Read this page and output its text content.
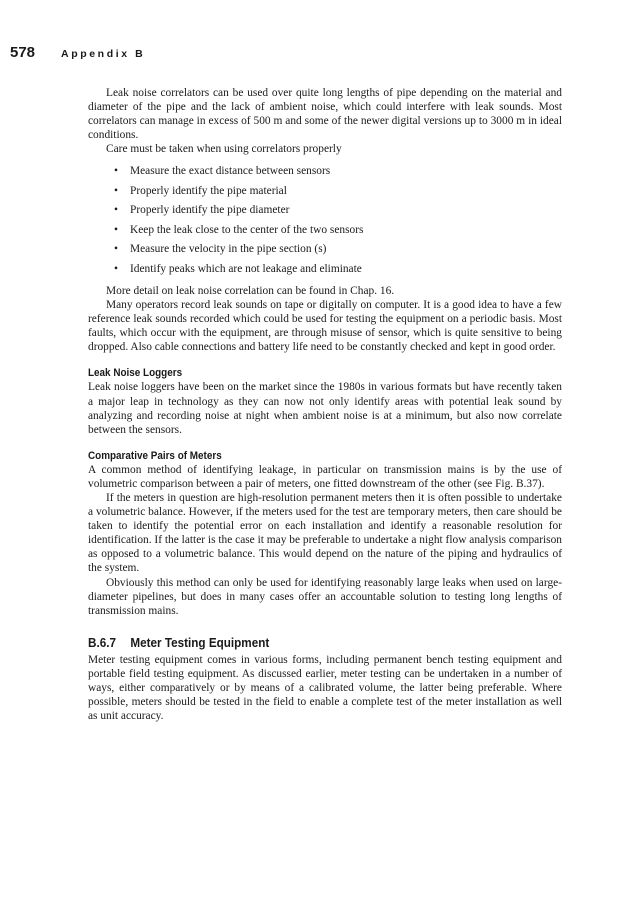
578 Appendix B

Leak noise correlators can be used over quite long lengths of pipe depending on the material and diameter of the pipe and the lack of ambient noise, which could interfere with leak sounds. Most correlators can manage in excess of 500 m and some of the newer digital versions up to 3000 m in ideal conditions.

Care must be taken when using correlators properly

• Measure the exact distance between sensors
• Properly identify the pipe material
• Properly identify the pipe diameter
• Keep the leak close to the center of the two sensors
• Measure the velocity in the pipe section (s)
• Identify peaks which are not leakage and eliminate

More detail on leak noise correlation can be found in Chap. 16.

Many operators record leak sounds on tape or digitally on computer. It is a good idea to have a few reference leak sounds recorded which could be used for testing the equipment on a periodic basis. Most faults, which occur with the equipment, are through misuse of sensor, which is quite sensitive to being dropped. Also cable connections and battery life need to be constantly checked and kept in good order.

Leak Noise Loggers

Leak noise loggers have been on the market since the 1980s in various formats but have recently taken a major leap in technology as they can now not only identify areas with potential leak sound by analyzing and recording noise at night when ambient noise is at a minimum, but also now correlate between the sensors.

Comparative Pairs of Meters

A common method of identifying leakage, in particular on transmission mains is by the use of volumetric comparison between a pair of meters, one fitted downstream of the other (see Fig. B.37).

If the meters in question are high-resolution permanent meters then it is often possible to undertake a volumetric balance. However, if the meters used for the test are temporary meters, then care should be taken to identify the potential error on each installation and identify a reasonable resolution for identification. If the latter is the case it may be preferable to undertake a night flow analysis comparison as opposed to a volumetric balance. This would depend on the nature of the piping and hydraulics of the system.

Obviously this method can only be used for identifying reasonably large leaks when used on large-diameter pipelines, but does in many cases offer an accountable solution to testing long lengths of transmission mains.

B.6.7 Meter Testing Equipment

Meter testing equipment comes in various forms, including permanent bench testing equipment and portable field testing equipment. As discussed earlier, meter testing can be undertaken in a number of ways, either comparatively or by means of a calibrated volume, the latter being preferable. Where possible, meters should be tested in the field to enable a complete test of the meter installation as well as unit accuracy.
